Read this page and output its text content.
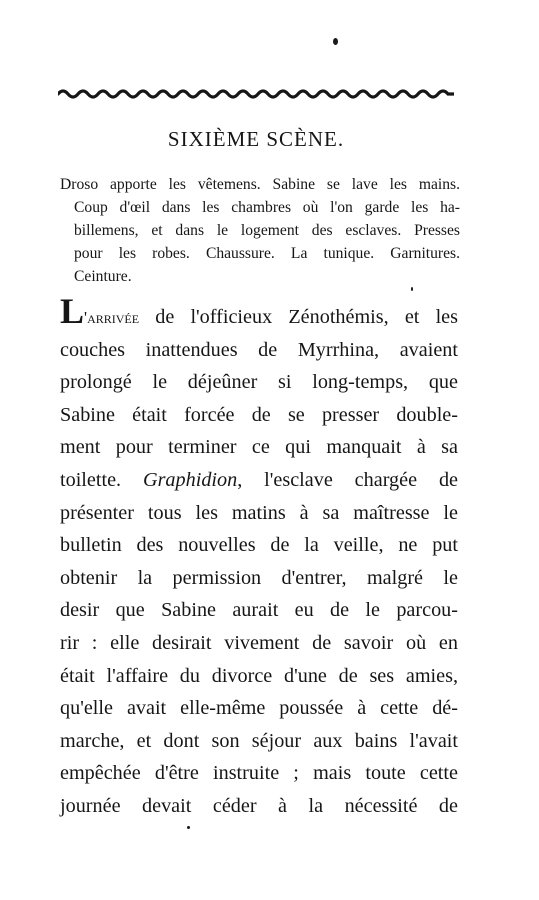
SIXIÈME SCÈNE.
Droso apporte les vêtemens. Sabine se lave les mains.
Coup d'œil dans les chambres où l'on garde les ha-
billemens, et dans le logement des esclaves. Presses
pour les robes. Chaussure. La tunique. Garnitures.
Ceinture.
L'arrivée de l'officieux Zénothémis, et les
couches inattendues de Myrrhina, avaient
prolongé le déjeûner si long-temps, que
Sabine était forcée de se presser double-
ment pour terminer ce qui manquait à sa
toilette. Graphidion, l'esclave chargée de
présenter tous les matins à sa maîtresse le
bulletin des nouvelles de la veille, ne put
obtenir la permission d'entrer, malgré le
desir que Sabine aurait eu de le parcou-
rir : elle desirait vivement de savoir où en
était l'affaire du divorce d'une de ses amies,
qu'elle avait elle-même poussée à cette dé-
marche, et dont son séjour aux bains l'avait
empêchée d'être instruite ; mais toute cette
journée devait céder à la nécessité de
